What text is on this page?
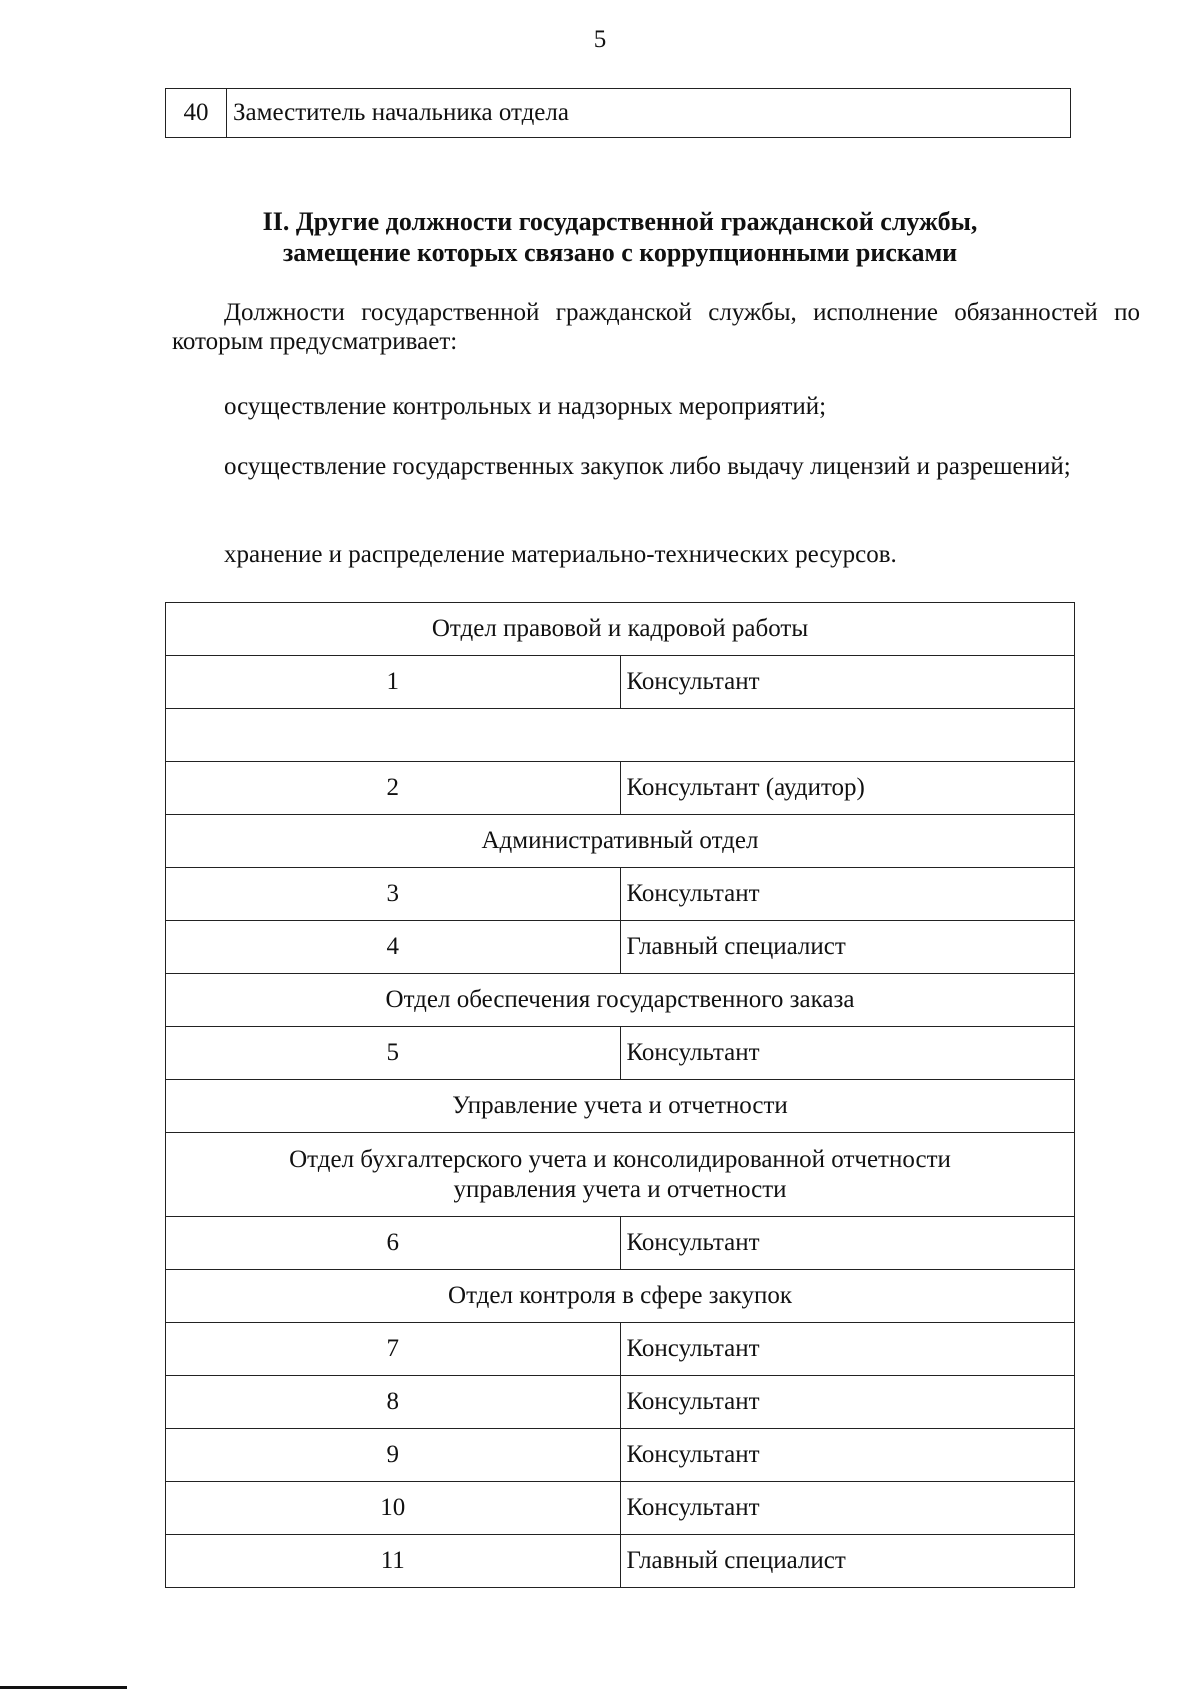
5
40	Заместитель начальника отдела
II. Другие должности государственной гражданской службы,
замещение которых связано с коррупционными рисками

Должности государственной гражданской службы, исполнение обязанностей по которым предусматривает:

осуществление контрольных и надзорных мероприятий;

осуществление государственных закупок либо выдачу лицензий и разрешений;

хранение и распределение материально-технических ресурсов.

Отдел правовой и кадровой работы	
1	Консультант

2	Консультант (аудитор)
Административный отдел	
3	Консультант
4	Главный специалист
Отдел обеспечения государственного заказа	
5	Консультант
Управление учета и отчетности	

Отдел бухгалтерского учета и консолидированной отчетности
управления учета и отчетности	

6	Консультант
Отдел контроля в сфере закупок	
7	Консультант
8	Консультант
9	Консультант
10	Консультант
11	Главный специалист
